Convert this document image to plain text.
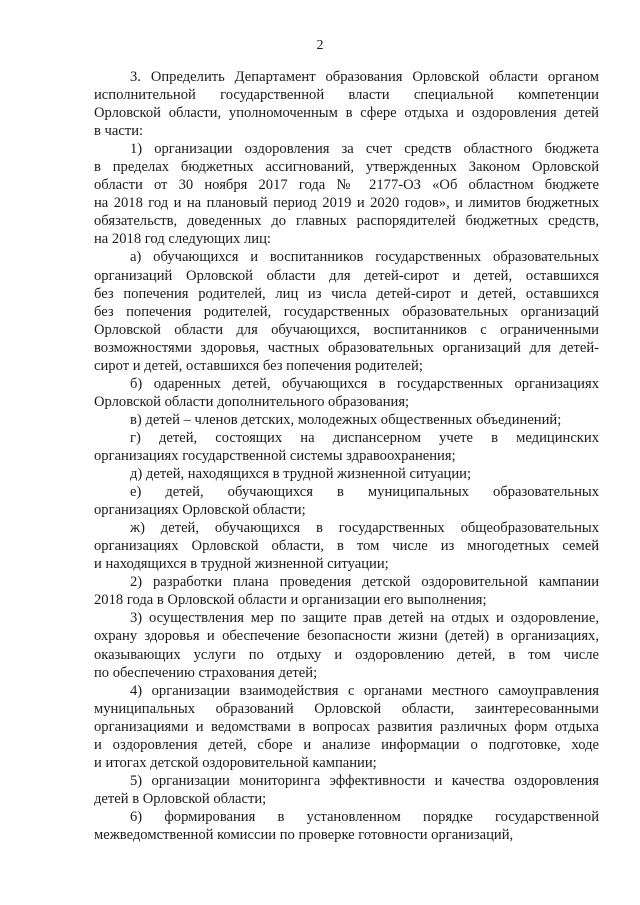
2
3. Определить Департамент образования Орловской области органом
исполнительной государственной власти специальной компетенции
Орловской области, уполномоченным в сфере отдыха и оздоровления детей
в части:
1) организации оздоровления за счет средств областного бюджета
в пределах бюджетных ассигнований, утвержденных Законом Орловской
области от 30 ноября 2017 года № 2177-ОЗ «Об областном бюджете
на 2018 год и на плановый период 2019 и 2020 годов», и лимитов бюджетных
обязательств, доведенных до главных распорядителей бюджетных средств,
на 2018 год следующих лиц:
а) обучающихся и воспитанников государственных образовательных
организаций Орловской области для детей-сирот и детей, оставшихся
без попечения родителей, лиц из числа детей-сирот и детей, оставшихся
без попечения родителей, государственных образовательных организаций
Орловской области для обучающихся, воспитанников с ограниченными
возможностями здоровья, частных образовательных организаций для детей-
сирот и детей, оставшихся без попечения родителей;
б) одаренных детей, обучающихся в государственных организациях
Орловской области дополнительного образования;
в) детей – членов детских, молодежных общественных объединений;
г) детей, состоящих на диспансерном учете в медицинских
организациях государственной системы здравоохранения;
д) детей, находящихся в трудной жизненной ситуации;
е) детей, обучающихся в муниципальных образовательных
организациях Орловской области;
ж) детей, обучающихся в государственных общеобразовательных
организациях Орловской области, в том числе из многодетных семей
и находящихся в трудной жизненной ситуации;
2) разработки плана проведения детской оздоровительной кампании
2018 года в Орловской области и организации его выполнения;
3) осуществления мер по защите прав детей на отдых и оздоровление,
охрану здоровья и обеспечение безопасности жизни (детей) в организациях,
оказывающих услуги по отдыху и оздоровлению детей, в том числе
по обеспечению страхования детей;
4) организации взаимодействия с органами местного самоуправления
муниципальных образований Орловской области, заинтересованными
организациями и ведомствами в вопросах развития различных форм отдыха
и оздоровления детей, сборе и анализе информации о подготовке, ходе
и итогах детской оздоровительной кампании;
5) организации мониторинга эффективности и качества оздоровления
детей в Орловской области;
6) формирования в установленном порядке государственной
межведомственной комиссии по проверке готовности организаций,
